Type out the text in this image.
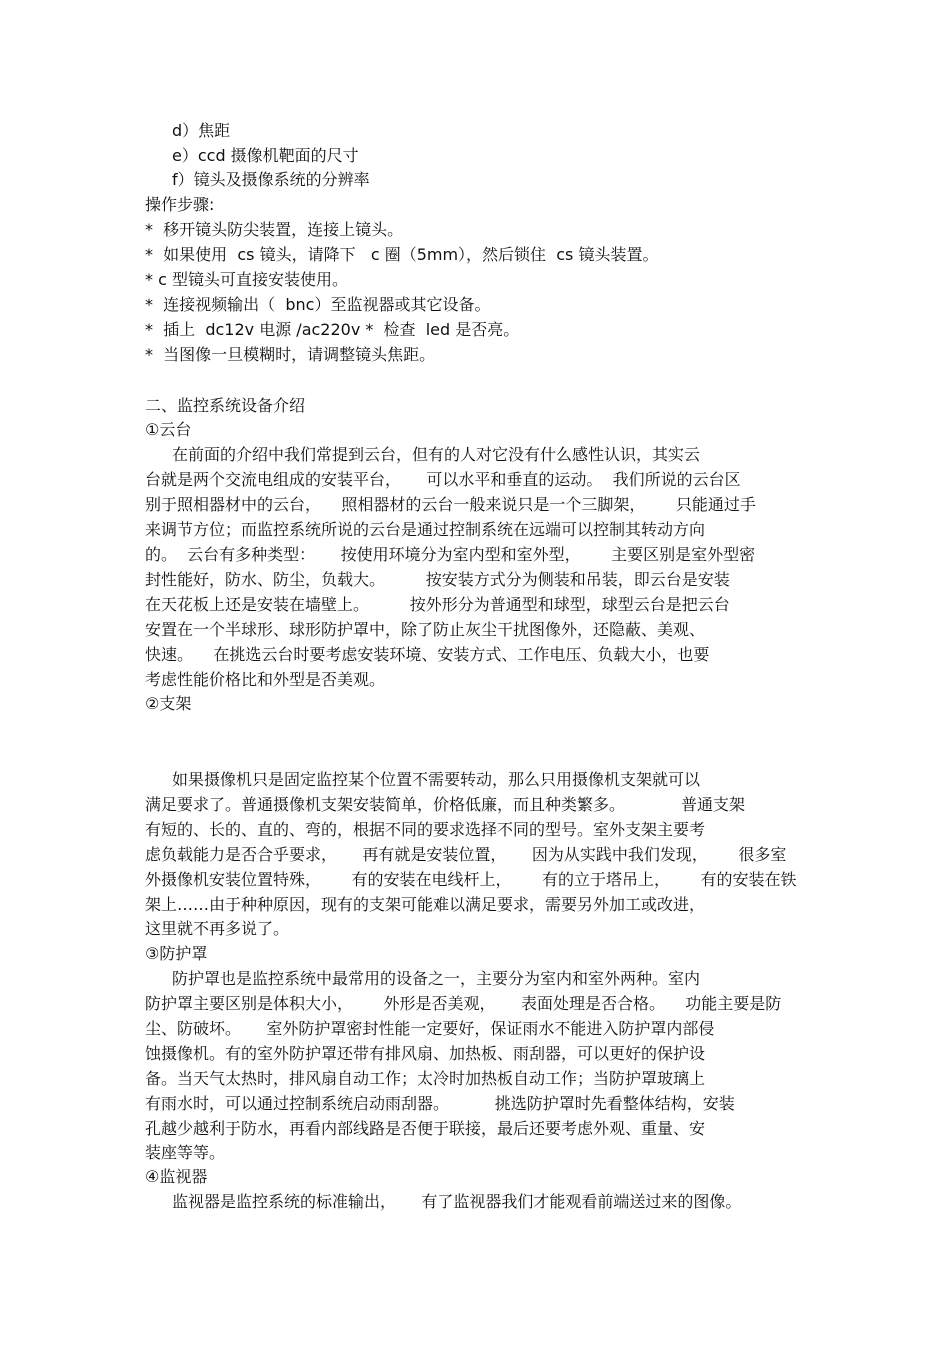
d）焦距
e）ccd 摄像机靶面的尺寸
f）镜头及摄像系统的分辨率
操作步骤:
*  移开镜头防尖装置，连接上镜头。
*  如果使用  cs 镜头，请降下   c 圈（5mm），然后锁住  cs 镜头装置。
* c 型镜头可直接安装使用。
*  连接视频输出（  bnc）至监视器或其它设备。
*  插上  dc12v 电源 /ac220v *  检查  led 是否亮。
*  当图像一旦模糊时，请调整镜头焦距。
二、监控系统设备介绍
①云台
在前面的介绍中我们常提到云台，但有的人对它没有什么感性认识，其实云
台就是两个交流电组成的安装平台，     可以水平和垂直的运动。  我们所说的云台区
别于照相器材中的云台，    照相器材的云台一般来说只是一个三脚架，      只能通过手
来调节方位；而监控系统所说的云台是通过控制系统在远端可以控制其转动方向
的。  云台有多种类型：     按使用环境分为室内型和室外型，      主要区别是室外型密
封性能好，防水、防尘，负载大。        按安装方式分为侧装和吊装，即云台是安装
在天花板上还是安装在墙壁上。        按外形分为普通型和球型，球型云台是把云台
安置在一个半球形、球形防护罩中，除了防止灰尘干扰图像外，还隐蔽、美观、
快速。    在挑选云台时要考虑安装环境、安装方式、工作电压、负载大小，也要
考虑性能价格比和外型是否美观。
②支架
如果摄像机只是固定监控某个位置不需要转动，那么只用摄像机支架就可以
满足要求了。普通摄像机支架安装简单，价格低廉，而且种类繁多。           普通支架
有短的、长的、直的、弯的，根据不同的要求选择不同的型号。室外支架主要考
虑负载能力是否合乎要求，     再有就是安装位置，     因为从实践中我们发现，      很多室
外摄像机安装位置特殊，      有的安装在电线杆上，      有的立于塔吊上，      有的安装在铁
架上……由于种种原因，现有的支架可能难以满足要求，需要另外加工或改进，
这里就不再多说了。
③防护罩
防护罩也是监控系统中最常用的设备之一，主要分为室内和室外两种。室内
防护罩主要区别是体积大小，      外形是否美观，     表面处理是否合格。    功能主要是防
尘、防破坏。     室外防护罩密封性能一定要好，保证雨水不能进入防护罩内部侵
蚀摄像机。有的室外防护罩还带有排风扇、加热板、雨刮器，可以更好的保护设
备。当天气太热时，排风扇自动工作；太冷时加热板自动工作；当防护罩玻璃上
有雨水时，可以通过控制系统启动雨刮器。         挑选防护罩时先看整体结构，安装
孔越少越利于防水，再看内部线路是否便于联接，最后还要考虑外观、重量、安
装座等等。
④监视器
监视器是监控系统的标准输出，     有了监视器我们才能观看前端送过来的图像。
